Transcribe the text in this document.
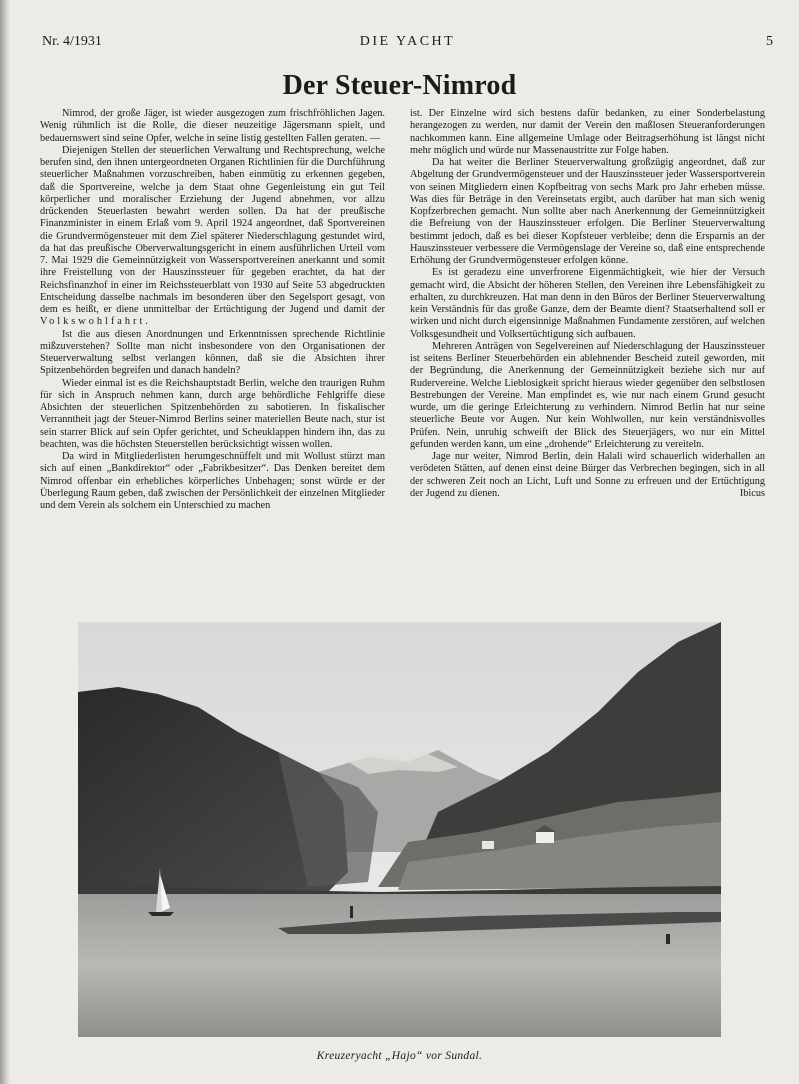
Nr. 4/1931	DIE YACHT	5
Der Steuer-Nimrod

Nimrod, der große Jäger, ist wieder ausgezogen zum frischfröhlichen Jagen. Wenig rühmlich ist die Rolle, die dieser neuzeitige Jägersmann spielt, und bedauernswert sind seine Opfer, welche in seine listig gestellten Fallen geraten. —

Diejenigen Stellen der steuerlichen Verwaltung und Rechtsprechung, welche berufen sind, den ihnen untergeordneten Organen Richtlinien für die Durchführung steuerlicher Maßnahmen vorzuschreiben, haben einmütig zu erkennen gegeben, daß die Sportvereine, welche ja dem Staat ohne Gegenleistung ein gut Teil körperlicher und moralischer Erziehung der Jugend abnehmen, vor allzu drückenden Steuerlasten bewahrt werden sollen. Da hat der preußische Finanzminister in einem Erlaß vom 9. April 1924 angeordnet, daß Sportvereinen die Grundvermögensteuer mit dem Ziel späterer Niederschlagung gestundet wird, da hat das preußische Oberverwaltungsgericht in einem ausführlichen Urteil vom 7. Mai 1929 die Gemeinnützigkeit von Wassersportvereinen anerkannt und somit ihre Freistellung von der Hauszinssteuer für gegeben erachtet, da hat der Reichsfinanzhof in einer im Reichssteuerblatt von 1930 auf Seite 53 abgedruckten Entscheidung dasselbe nachmals im besonderen über den Segelsport gesagt, von dem es heißt, er diene unmittelbar der Ertüchtigung der Jugend und damit der Volkswohlfahrt.

Ist die aus diesen Anordnungen und Erkenntnissen sprechende Richtlinie mißzuverstehen? Sollte man nicht insbesondere von den Organisationen der Steuerverwaltung selbst verlangen können, daß sie die Absichten ihrer Spitzenbehörden begreifen und danach handeln?

Wieder einmal ist es die Reichshauptstadt Berlin, welche den traurigen Ruhm für sich in Anspruch nehmen kann, durch arge behördliche Fehlgriffe diese Absichten der steuerlichen Spitzenbehörden zu sabotieren. In fiskalischer Verranntheit jagt der Steuer-Nimrod Berlins seiner materiellen Beute nach, stur ist sein starrer Blick auf sein Opfer gerichtet, und Scheuklappen hindern ihn, das zu beachten, was die höchsten Steuerstellen berücksichtigt wissen wollen.

Da wird in Mitgliederlisten herumgeschnüffelt und mit Wollust stürzt man sich auf einen „Bankdirektor“ oder „Fabrikbesitzer“. Das Denken bereitet dem Nimrod offenbar ein erhebliches körperliches Unbehagen; sonst würde er der Überlegung Raum geben, daß zwischen der Persönlichkeit der einzelnen Mitglieder und dem Verein als solchem ein Unterschied zu machen

ist. Der Einzelne wird sich bestens dafür bedanken, zu einer Sonderbelastung herangezogen zu werden, nur damit der Verein den maßlosen Steueranforderungen nachkommen kann. Eine allgemeine Umlage oder Beitragserhöhung ist längst nicht mehr möglich und würde nur Massenaustritte zur Folge haben.

Da hat weiter die Berliner Steuerverwaltung großzügig angeordnet, daß zur Abgeltung der Grundvermögensteuer und der Hauszinssteuer jeder Wassersportverein von seinen Mitgliedern einen Kopfbeitrag von sechs Mark pro Jahr erheben müsse. Was dies für Beträge in den Vereinsetats ergibt, auch darüber hat man sich wenig Kopfzerbrechen gemacht. Nun sollte aber nach Anerkennung der Gemeinnützigkeit die Befreiung von der Hauszinssteuer erfolgen. Die Berliner Steuerverwaltung bestimmt jedoch, daß es bei dieser Kopfsteuer verbleibe; denn die Ersparnis an der Hauszinssteuer verbessere die Vermögenslage der Vereine so, daß eine entsprechende Erhöhung der Grundvermögensteuer erfolgen könne.

Es ist geradezu eine unverfrorene Eigenmächtigkeit, wie hier der Versuch gemacht wird, die Absicht der höheren Stellen, den Vereinen ihre Lebensfähigkeit zu erhalten, zu durchkreuzen. Hat man denn in den Büros der Berliner Steuerverwaltung kein Verständnis für das große Ganze, dem der Beamte dient? Staatserhaltend soll er wirken und nicht durch eigensinnige Maßnahmen Fundamente zerstören, auf welchen Volksgesundheit und Volksertüchtigung sich aufbauen.

Mehreren Anträgen von Segelvereinen auf Niederschlagung der Hauszinssteuer ist seitens Berliner Steuerbehörden ein ablehnender Bescheid zuteil geworden, mit der Begründung, die Anerkennung der Gemeinnützigkeit beziehe sich nur auf Rudervereine. Welche Lieblosigkeit spricht hieraus wieder gegenüber den selbstlosen Bestrebungen der Vereine. Man empfindet es, wie nur nach einem Grund gesucht wurde, um die geringe Erleichterung zu verhindern. Nimrod Berlin hat nur seine steuerliche Beute vor Augen. Nur kein Wohlwollen, nur kein verständnisvolles Prüfen. Nein, unruhig schweift der Blick des Steuerjägers, wo nur ein Mittel gefunden werden kann, um eine „drohende“ Erleichterung zu vereiteln.

Jage nur weiter, Nimrod Berlin, dein Halali wird schauerlich widerhallen an verödeten Stätten, auf denen einst deine Bürger das Verbrechen begingen, sich in all der schweren Zeit noch an Licht, Luft und Sonne zu erfreuen und der Ertüchtigung der Jugend zu dienen.	Ibicus

Kreuzeryacht „Hajo“ vor Sundal.
